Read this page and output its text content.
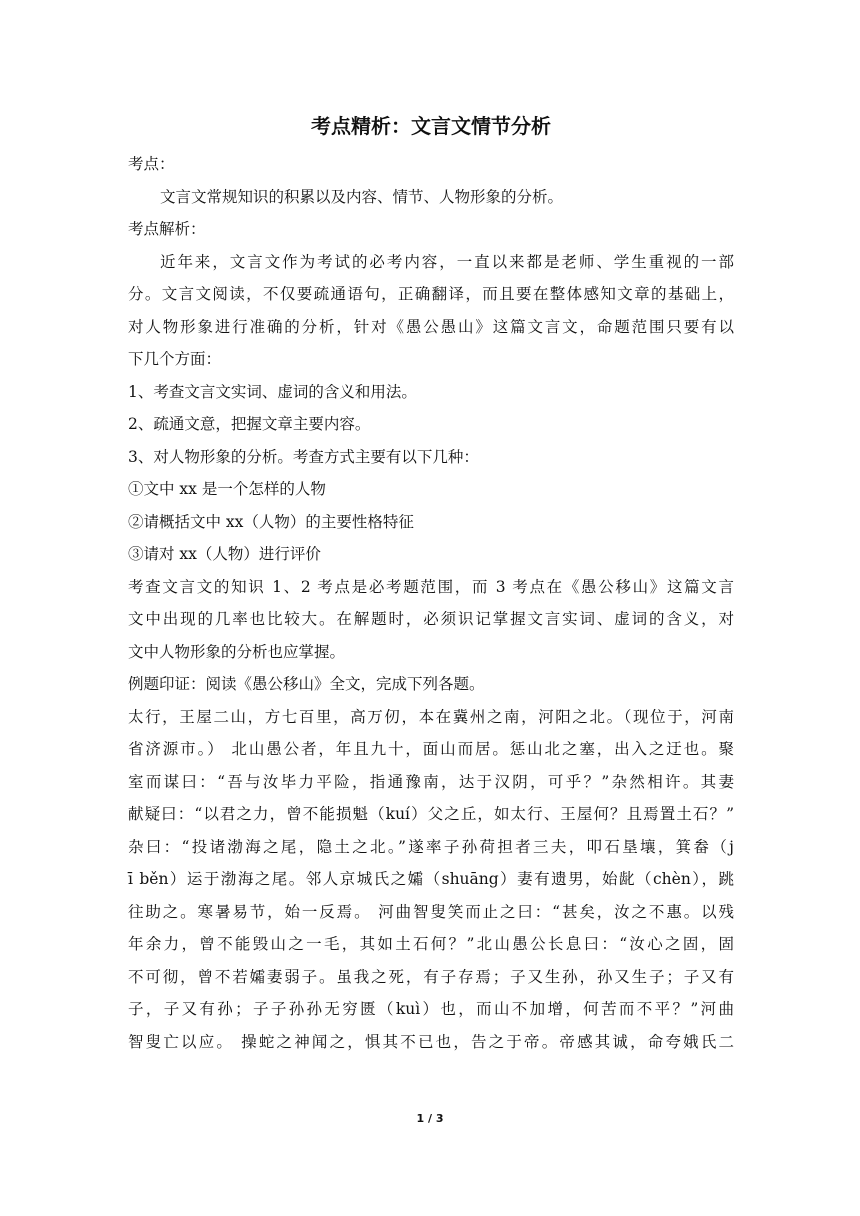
考点精析：文言文情节分析

考点：

文言文常规知识的积累以及内容、情节、人物形象的分析。

考点解析：

近年来，文言文作为考试的必考内容，一直以来都是老师、学生重视的一部

分。文言文阅读，不仅要疏通语句，正确翻译，而且要在整体感知文章的基础上，

对人物形象进行准确的分析，针对《愚公愚山》这篇文言文，命题范围只要有以

下几个方面：

1、考查文言文实词、虚词的含义和用法。

2、疏通文意，把握文章主要内容。

3、对人物形象的分析。考查方式主要有以下几种：

①文中 xx 是一个怎样的人物

②请概括文中 xx（人物）的主要性格特征

③请对 xx（人物）进行评价

考查文言文的知识 1、2 考点是必考题范围，而 3 考点在《愚公移山》这篇文言

文中出现的几率也比较大。在解题时，必须识记掌握文言实词、虚词的含义，对

文中人物形象的分析也应掌握。

例题印证：阅读《愚公移山》全文，完成下列各题。

太行，王屋二山，方七百里，高万仞，本在冀州之南，河阳之北。（现位于，河南

省济源市。） 北山愚公者，年且九十，面山而居。惩山北之塞，出入之迂也。聚

室而谋曰：“吾与汝毕力平险，指通豫南，达于汉阴，可乎？”杂然相许。其妻

献疑曰：“以君之力，曾不能损魁（kuí）父之丘，如太行、王屋何？且焉置土石？”

杂曰：“投诸渤海之尾，隐土之北。”遂率子孙荷担者三夫，叩石垦壤，箕畚（j

ī běn）运于渤海之尾。邻人京城氏之孀（shuāng）妻有遗男，始龀（chèn），跳

往助之。寒暑易节，始一反焉。 河曲智叟笑而止之曰：“甚矣，汝之不惠。以残

年余力，曾不能毁山之一毛，其如土石何？”北山愚公长息曰：“汝心之固，固

不可彻，曾不若孀妻弱子。虽我之死，有子存焉；子又生孙，孙又生子；子又有

子，子又有孙；子子孙孙无穷匮（kuì）也，而山不加增，何苦而不平？”河曲

智叟亡以应。 操蛇之神闻之，惧其不已也，告之于帝。帝感其诚，命夸娥氏二

1 / 3
